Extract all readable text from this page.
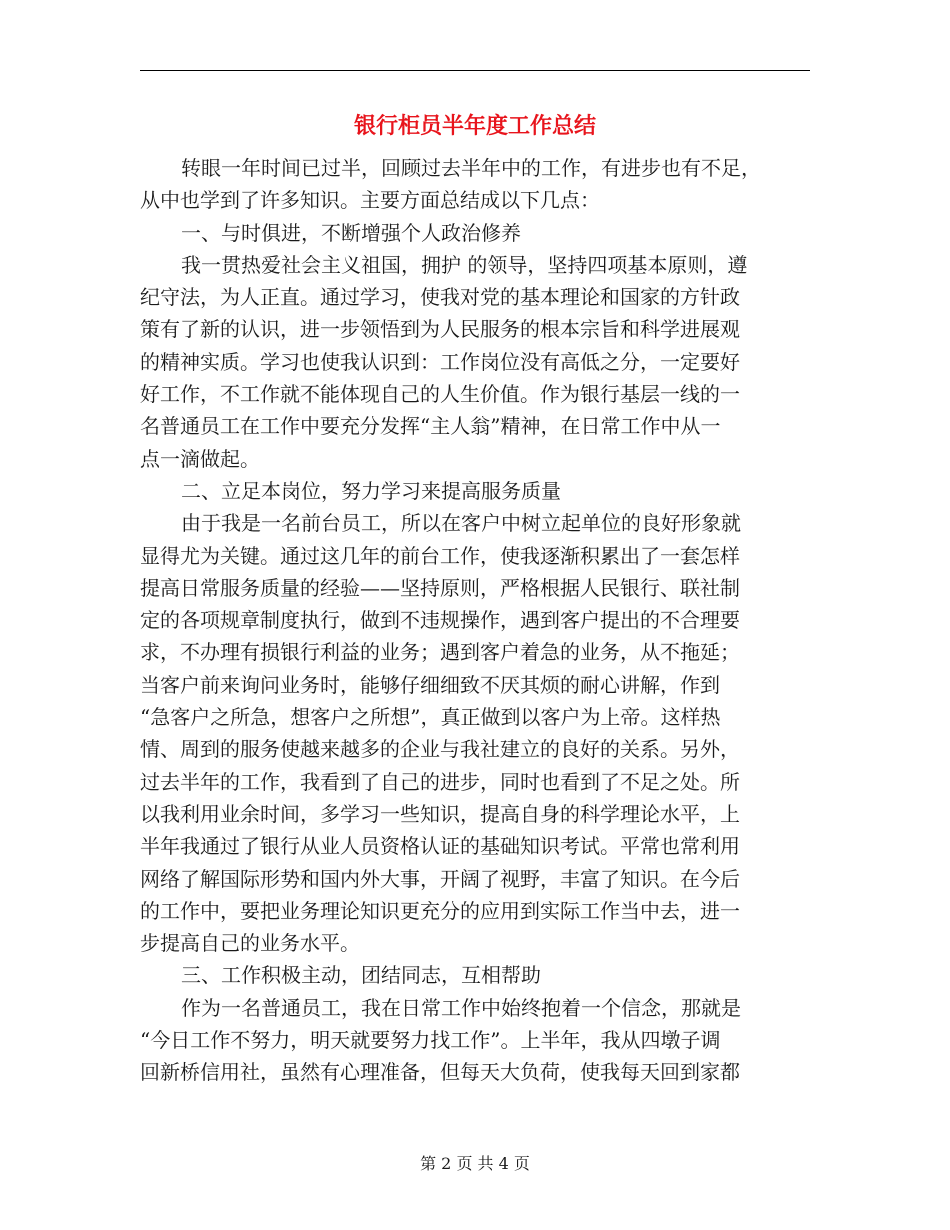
银行柜员半年度工作总结
转眼一年时间已过半，回顾过去半年中的工作，有进步也有不足，
从中也学到了许多知识。主要方面总结成以下几点：
一、与时俱进，不断增强个人政治修养
我一贯热爱社会主义祖国，拥护 的领导，坚持四项基本原则，遵
纪守法，为人正直。通过学习，使我对党的基本理论和国家的方针政
策有了新的认识，进一步领悟到为人民服务的根本宗旨和科学进展观
的精神实质。学习也使我认识到：工作岗位没有高低之分，一定要好
好工作，不工作就不能体现自己的人生价值。作为银行基层一线的一
名普通员工在工作中要充分发挥“主人翁”精神，在日常工作中从一
点一滴做起。
二、立足本岗位，努力学习来提高服务质量
由于我是一名前台员工，所以在客户中树立起单位的良好形象就
显得尤为关键。通过这几年的前台工作，使我逐渐积累出了一套怎样
提高日常服务质量的经验——坚持原则，严格根据人民银行、联社制
定的各项规章制度执行，做到不违规操作，遇到客户提出的不合理要
求，不办理有损银行利益的业务；遇到客户着急的业务，从不拖延；
当客户前来询问业务时，能够仔细细致不厌其烦的耐心讲解，作到
“急客户之所急，想客户之所想”，真正做到以客户为上帝。这样热
情、周到的服务使越来越多的企业与我社建立的良好的关系。另外，
过去半年的工作，我看到了自己的进步，同时也看到了不足之处。所
以我利用业余时间，多学习一些知识，提高自身的科学理论水平，上
半年我通过了银行从业人员资格认证的基础知识考试。平常也常利用
网络了解国际形势和国内外大事，开阔了视野，丰富了知识。在今后
的工作中，要把业务理论知识更充分的应用到实际工作当中去，进一
步提高自己的业务水平。
三、工作积极主动，团结同志，互相帮助
作为一名普通员工，我在日常工作中始终抱着一个信念，那就是
“今日工作不努力，明天就要努力找工作”。上半年，我从四墩子调
回新桥信用社，虽然有心理准备，但每天大负荷，使我每天回到家都
第 2 页 共 4 页
